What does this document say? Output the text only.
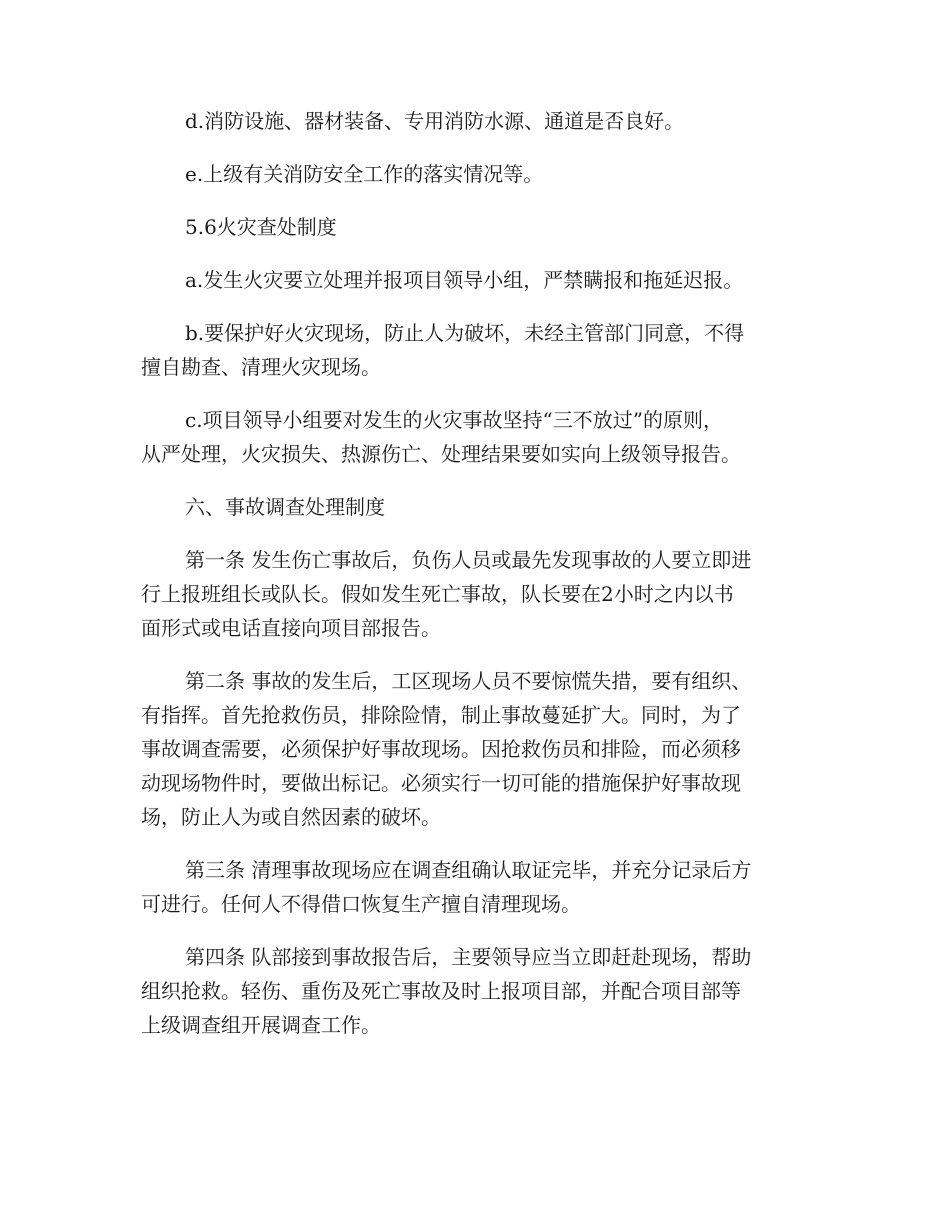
d.消防设施、器材装备、专用消防水源、通道是否良好。

e.上级有关消防安全工作的落实情况等。

5.6火灾查处制度

a.发生火灾要立处理并报项目领导小组，严禁瞒报和拖延迟报。

b.要保护好火灾现场，防止人为破坏，未经主管部门同意，不得
擅自勘查、清理火灾现场。

c.项目领导小组要对发生的火灾事故坚持“三不放过”的原则，
从严处理，火灾损失、热源伤亡、处理结果要如实向上级领导报告。

六、事故调查处理制度

第一条 发生伤亡事故后，负伤人员或最先发现事故的人要立即进
行上报班组长或队长。假如发生死亡事故，队长要在2小时之内以书
面形式或电话直接向项目部报告。

第二条 事故的发生后，工区现场人员不要惊慌失措，要有组织、
有指挥。首先抢救伤员，排除险情，制止事故蔓延扩大。同时，为了
事故调查需要，必须保护好事故现场。因抢救伤员和排险，而必须移
动现场物件时，要做出标记。必须实行一切可能的措施保护好事故现
场，防止人为或自然因素的破坏。

第三条 清理事故现场应在调查组确认取证完毕，并充分记录后方
可进行。任何人不得借口恢复生产擅自清理现场。

第四条 队部接到事故报告后，主要领导应当立即赶赴现场，帮助
组织抢救。轻伤、重伤及死亡事故及时上报项目部，并配合项目部等
上级调查组开展调查工作。
